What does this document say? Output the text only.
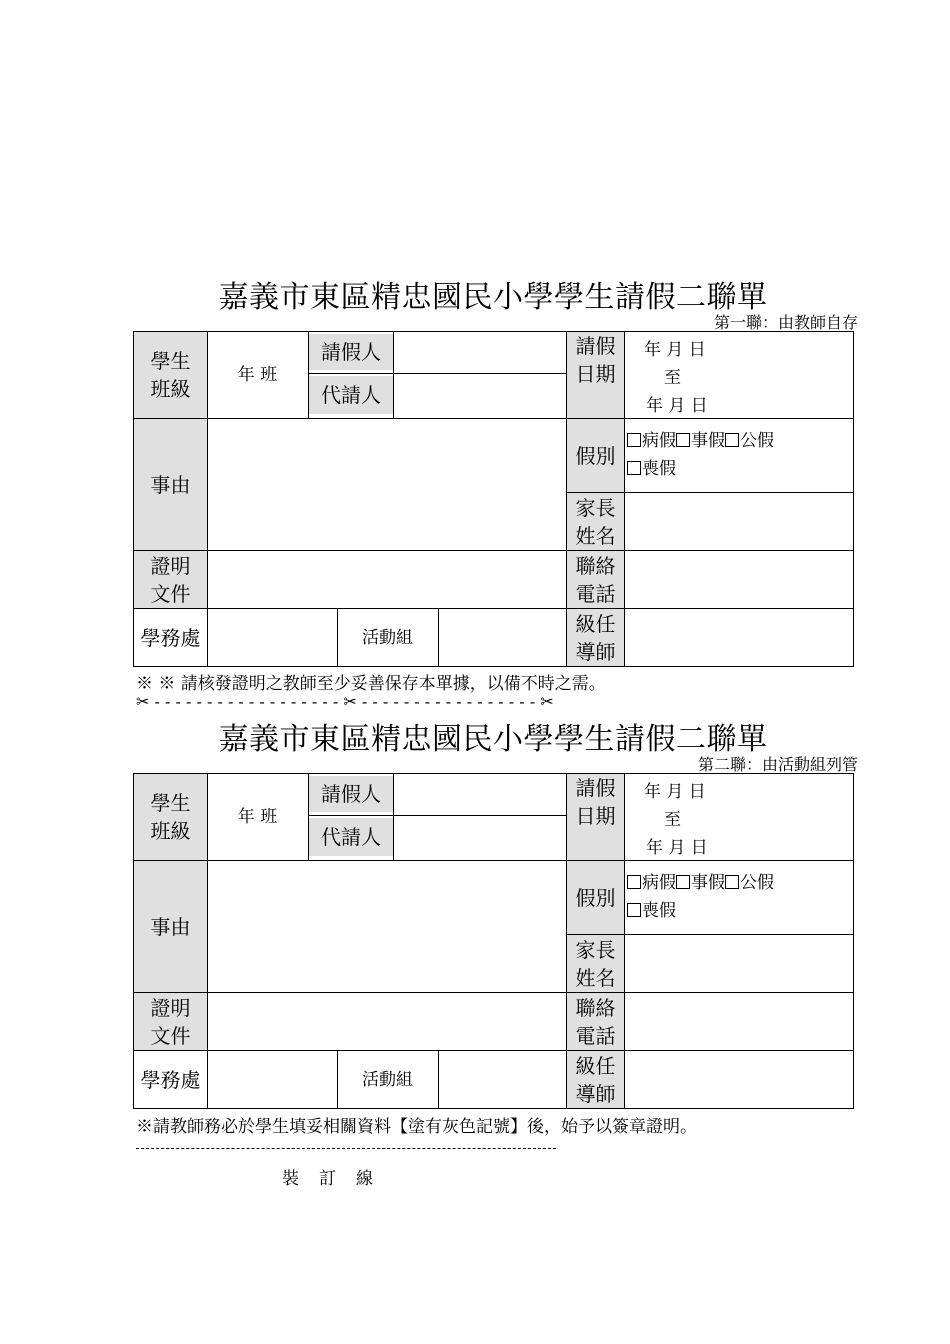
嘉義市東區精忠國民小學學生請假二聯單
第一聯：由教師自存
學生
班級
年 班
請假人
代請人
請假
日期
年 月 日
至
年 月 日
事由
假別
病假 事假 公假
喪假
家長
姓名
證明
文件
聯絡
電話
學務處	活動組
級任
導師
※ ※ 請核發證明之教師至少妥善保存本單據，以備不時之需。
✂ - - - - - - - - - - - - - - - - - - ✂ - - - - - - - - - - - - - - - - - ✂
嘉義市東區精忠國民小學學生請假二聯單
第二聯：由活動組列管
學生
班級
年 班
請假人
代請人
請假
日期
年 月 日
至
年 月 日
事由
假別
病假 事假 公假
喪假
家長
姓名
證明
文件
聯絡
電話
學務處	活動組
級任
導師
※請教師務必於學生填妥相關資料【塗有灰色記號】後，始予以簽章證明。
裝訂線
